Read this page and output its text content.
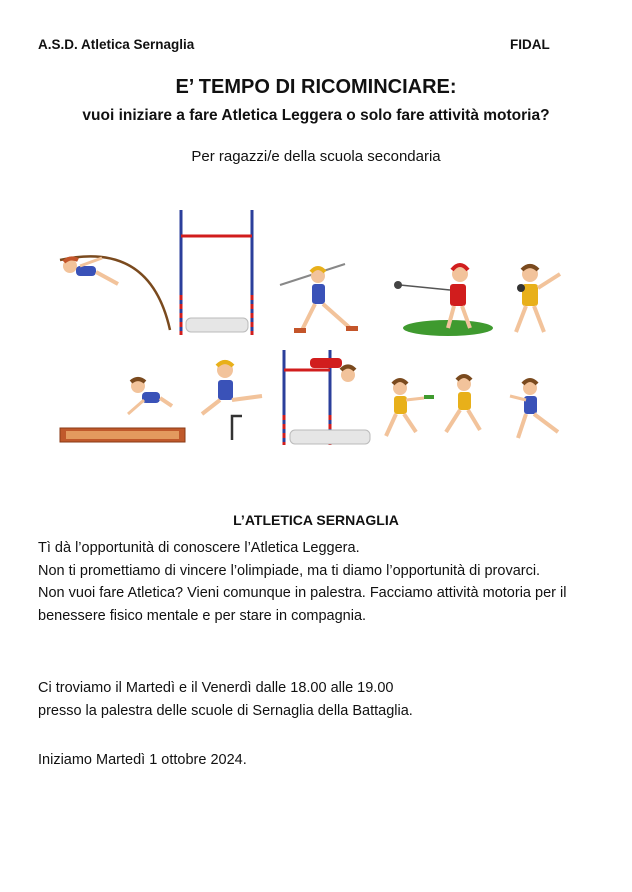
A.S.D. Atletica Sernaglia	FIDAL
E’ TEMPO DI RICOMINCIARE:
vuoi iniziare a fare Atletica Leggera o solo fare attività motoria?
Per ragazzi/e della scuola secondaria
L’ATLETICA SERNAGLIA
Tì dà l’opportunità di conoscere l’Atletica Leggera.
Non ti promettiamo di vincere l’olimpiade, ma ti diamo l’opportunità di provarci.
Non vuoi fare Atletica? Vieni comunque in palestra. Facciamo attività motoria per il benessere fisico mentale e per stare in compagnia.
Ci troviamo il Martedì e il Venerdì dalle 18.00 alle 19.00
presso la palestra delle scuole di Sernaglia della Battaglia.
Iniziamo Martedì 1 ottobre 2024.
